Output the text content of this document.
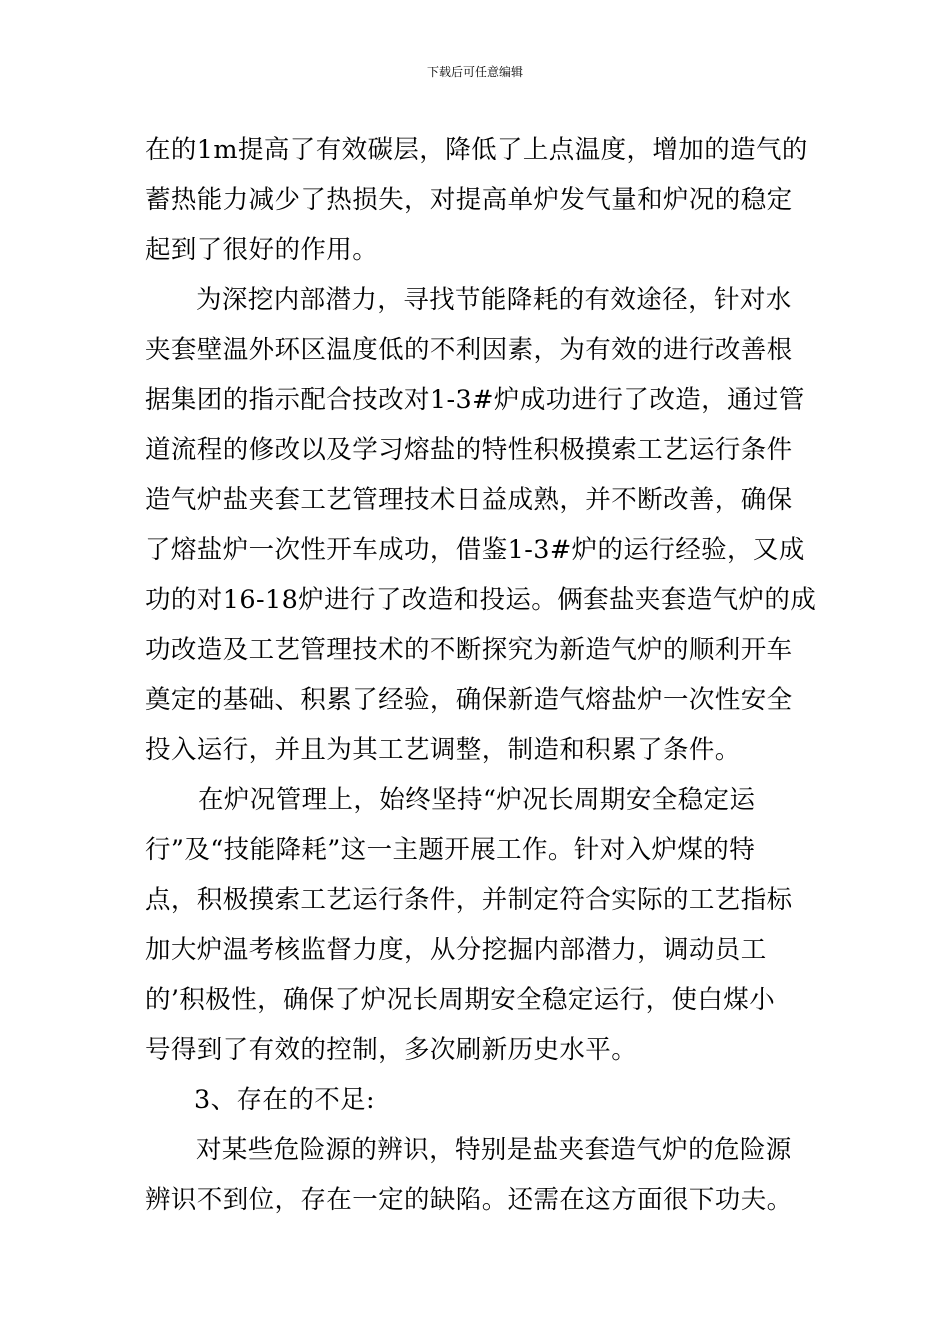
下载后可任意编辑
在的1m提高了有效碳层，降低了上点温度，增加的造气的
蓄热能力减少了热损失，对提高单炉发气量和炉况的稳定
起到了很好的作用。
为深挖内部潜力，寻找节能降耗的有效途径，针对水
夹套壁温外环区温度低的不利因素，为有效的进行改善根
据集团的指示配合技改对1-3#炉成功进行了改造，通过管
道流程的修改以及学习熔盐的特性积极摸索工艺运行条件
造气炉盐夹套工艺管理技术日益成熟，并不断改善，确保
了熔盐炉一次性开车成功，借鉴1-3#炉的运行经验，又成
功的对16-18炉进行了改造和投运。俩套盐夹套造气炉的成
功改造及工艺管理技术的不断探究为新造气炉的顺利开车
奠定的基础、积累了经验，确保新造气熔盐炉一次性安全
投入运行，并且为其工艺调整，制造和积累了条件。
在炉况管理上，始终坚持“炉况长周期安全稳定运
行”及“技能降耗”这一主题开展工作。针对入炉煤的特
点，积极摸索工艺运行条件，并制定符合实际的工艺指标
加大炉温考核监督力度，从分挖掘内部潜力，调动员工
的’积极性，确保了炉况长周期安全稳定运行，使白煤小
号得到了有效的控制，多次刷新历史水平。
3、存在的不足:
对某些危险源的辨识，特别是盐夹套造气炉的危险源
辨识不到位，存在一定的缺陷。还需在这方面很下功夫。
